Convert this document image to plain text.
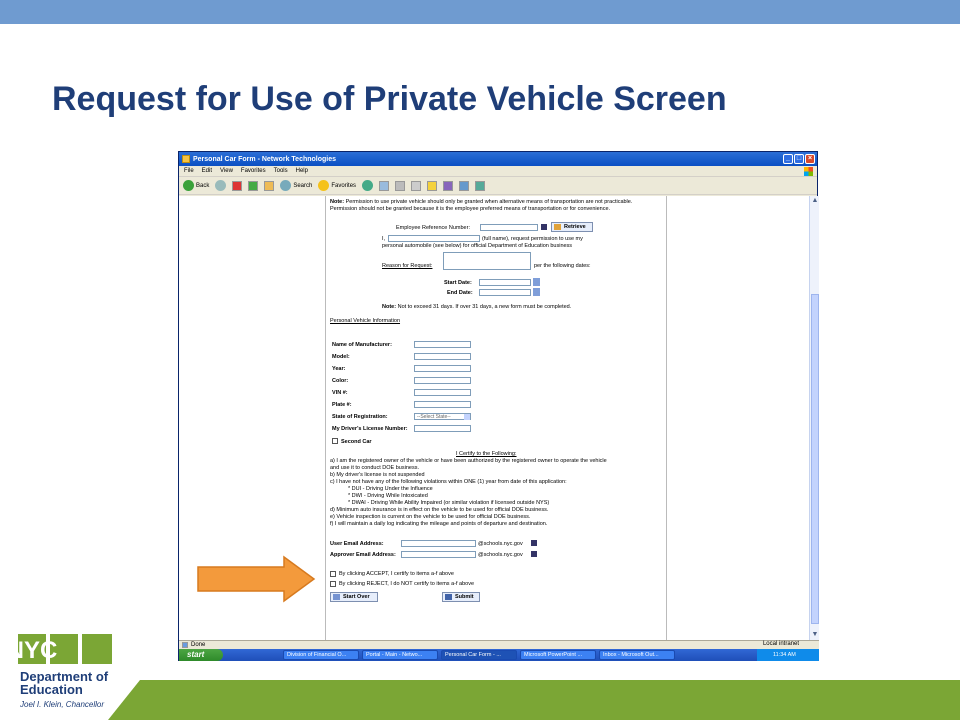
Request for Use of Private Vehicle Screen
Personal Car Form - Network Technologies	_ □ ×
File Edit View Favorites Tools Help
Back	Search	Favorites
Note: Permission to use private vehicle should only be granted when alternative means of transportation are not practicable. Permission should not be granted because it is the employee preferred means of transportation or for convenience.
Employee Reference Number:	Retrieve
I,	(full name), request permission to use my
personal automobile (see below) for official Department of Education business
Reason for Request:	per the following dates:
Start Date:
End Date:
Note: Not to exceed 31 days. If over 31 days, a new form must be completed.
Personal Vehicle Information
Name of Manufacturer:
Model:
Year:
Color:
VIN #:
Plate #:
State of Registration:	--Select State--
My Driver's License Number:
Second Car
I Certify to the Following:
a) I am the registered owner of the vehicle or have been authorized by the registered owner to operate the vehicle
and use it to conduct DOE business.
b) My driver's license is not suspended
c) I have not have any of the following violations within ONE (1) year from date of this application:
* DUI - Driving Under the Influence
* DWI - Driving While Intoxicated
* DWAI - Driving While Ability Impaired (or similar violation if licensed outside NYS)
d) Minimum auto insurance is in effect on the vehicle to be used for official DOE business.
e) Vehicle inspection is current on the vehicle to be used for official DOE business.
f) I will maintain a daily log indicating the mileage and points of departure and destination.
User Email Address:	@schools.nyc.gov
Approver Email Address:	@schools.nyc.gov
By clicking ACCEPT, I certify to items a-f above
By clicking REJECT, I do NOT certify to items a-f above
Start Over	Submit
▲
▼
Done	Local intranet
start	Division of Financial O...	Portal - Main - Netwo...	Personal Car Form - ...	Microsoft PowerPoint ...	Inbox - Microsoft Out...	11:34 AM
NYC
Department of
Education
Joel I. Klein, Chancellor
